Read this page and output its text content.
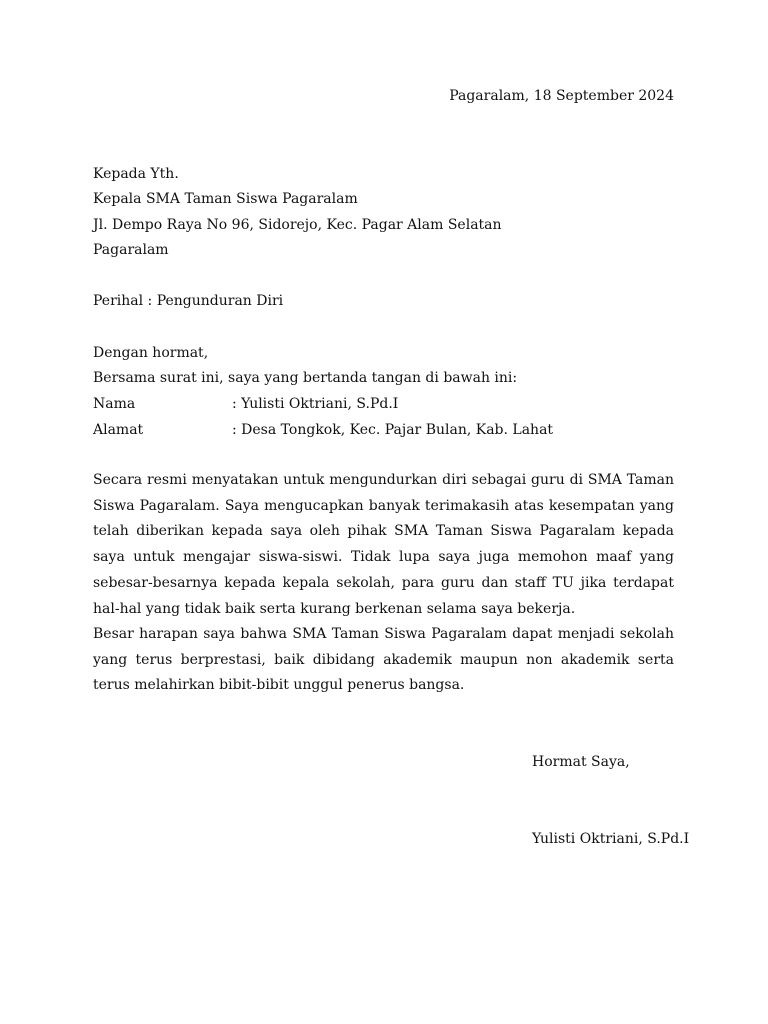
Pagaralam, 18 September 2024
Kepada Yth.
Kepala SMA Taman Siswa Pagaralam
Jl. Dempo Raya No 96, Sidorejo, Kec. Pagar Alam Selatan
Pagaralam
Perihal : Pengunduran Diri
Dengan hormat,
Bersama surat ini, saya yang bertanda tangan di bawah ini:
Nama	: Yulisti Oktriani, S.Pd.I
Alamat	: Desa Tongkok, Kec. Pajar Bulan, Kab. Lahat
Secara resmi menyatakan untuk mengundurkan diri sebagai guru di SMA Taman Siswa Pagaralam. Saya mengucapkan banyak terimakasih atas kesempatan yang telah diberikan kepada saya oleh pihak SMA Taman Siswa Pagaralam kepada saya untuk mengajar siswa-siswi. Tidak lupa saya juga memohon maaf yang sebesar-besarnya kepada kepala sekolah, para guru dan staff TU jika terdapat hal-hal yang tidak baik serta kurang berkenan selama saya bekerja.
Besar harapan saya bahwa SMA Taman Siswa Pagaralam dapat menjadi sekolah yang terus berprestasi, baik dibidang akademik maupun non akademik serta terus melahirkan bibit-bibit unggul penerus bangsa.
Hormat Saya,
Yulisti Oktriani, S.Pd.I
